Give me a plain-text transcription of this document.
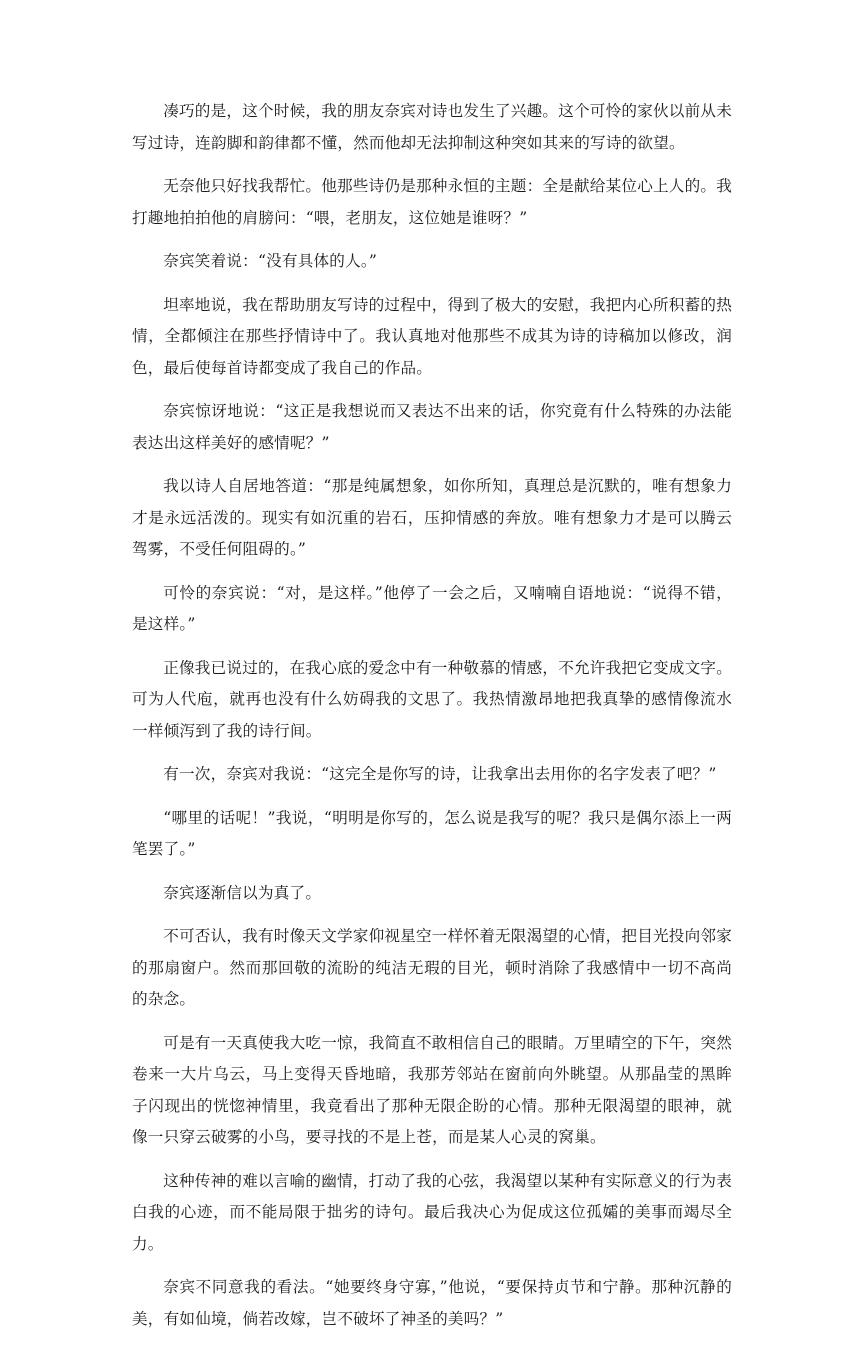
凑巧的是，这个时候，我的朋友奈宾对诗也发生了兴趣。这个可怜的家伙以前从未写过诗，连韵脚和韵律都不懂，然而他却无法抑制这种突如其来的写诗的欲望。

无奈他只好找我帮忙。他那些诗仍是那种永恒的主题：全是献给某位心上人的。我打趣地拍拍他的肩膀问：“喂，老朋友，这位她是谁呀？”

奈宾笑着说：“没有具体的人。”

坦率地说，我在帮助朋友写诗的过程中，得到了极大的安慰，我把内心所积蓄的热情，全都倾注在那些抒情诗中了。我认真地对他那些不成其为诗的诗稿加以修改，润色，最后使每首诗都变成了我自己的作品。

奈宾惊讶地说：“这正是我想说而又表达不出来的话，你究竟有什么特殊的办法能表达出这样美好的感情呢？”

我以诗人自居地答道：“那是纯属想象，如你所知，真理总是沉默的，唯有想象力才是永远活泼的。现实有如沉重的岩石，压抑情感的奔放。唯有想象力才是可以腾云驾雾，不受任何阻碍的。”

可怜的奈宾说：“对，是这样。”他停了一会之后，又喃喃自语地说：“说得不错，是这样。”

正像我已说过的，在我心底的爱念中有一种敬慕的情感，不允许我把它变成文字。可为人代庖，就再也没有什么妨碍我的文思了。我热情激昂地把我真挚的感情像流水一样倾泻到了我的诗行间。

有一次，奈宾对我说：“这完全是你写的诗，让我拿出去用你的名字发表了吧？”

“哪里的话呢！”我说，“明明是你写的，怎么说是我写的呢？我只是偶尔添上一两笔罢了。”

奈宾逐渐信以为真了。

不可否认，我有时像天文学家仰视星空一样怀着无限渴望的心情，把目光投向邻家的那扇窗户。然而那回敬的流盼的纯洁无瑕的目光，顿时消除了我感情中一切不高尚的杂念。

可是有一天真使我大吃一惊，我简直不敢相信自己的眼睛。万里晴空的下午，突然卷来一大片乌云，马上变得天昏地暗，我那芳邻站在窗前向外眺望。从那晶莹的黑眸子闪现出的恍惚神情里，我竟看出了那种无限企盼的心情。那种无限渴望的眼神，就像一只穿云破雾的小鸟，要寻找的不是上苍，而是某人心灵的窝巢。

这种传神的难以言喻的幽情，打动了我的心弦，我渴望以某种有实际意义的行为表白我的心迹，而不能局限于拙劣的诗句。最后我决心为促成这位孤孀的美事而竭尽全力。

奈宾不同意我的看法。“她要终身守寡，”他说，“要保持贞节和宁静。那种沉静的美，有如仙境，倘若改嫁，岂不破坏了神圣的美吗？”
